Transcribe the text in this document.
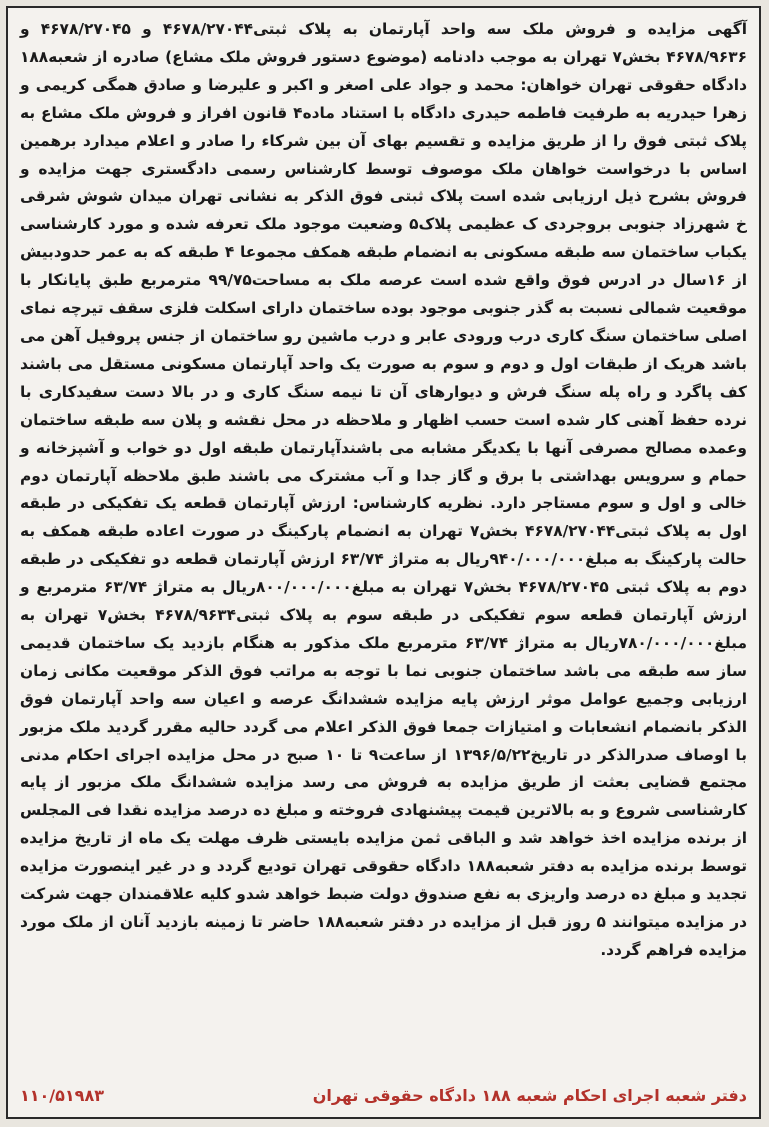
آگهی مزایده و فروش ملک سه واحد آپارتمان به پلاک ثبتی۴۶۷۸/۲۷۰۴۴ و ۴۶۷۸/۲۷۰۴۵ و ۴۶۷۸/۹۶۳۶ بخش۷ تهران به موجب دادنامه (موضوع دستور فروش ملک مشاع) صادره از شعبه۱۸۸ دادگاه حقوقی تهران خواهان: محمد و جواد علی اصغر و اکبر و علیرضا و صادق همگی کریمی و زهرا حیدریه به طرفیت فاطمه حیدری دادگاه با استناد ماده۴ قانون افراز و فروش ملک مشاع به پلاک ثبتی فوق را از طریق مزایده و تقسیم بهای آن بین شرکاء را صادر و اعلام میدارد برهمین اساس با درخواست خواهان ملک موصوف توسط کارشناس رسمی دادگستری جهت مزایده و فروش بشرح ذیل ارزیابی شده است پلاک ثبتی فوق الذکر به نشانی تهران میدان شوش شرقی خ شهرزاد جنوبی بروجردی ک عظیمی پلاک۵ وضعیت موجود ملک تعرفه شده و مورد کارشناسی یکباب ساختمان سه طبقه مسکونی به انضمام طبقه همکف مجموعا ۴ طبقه که به عمر حدودبیش از ۱۶سال در ادرس فوق واقع شده است عرصه ملک به مساحت۹۹/۷۵ مترمربع طبق پایانکار با موقعیت شمالی نسبت به گذر جنوبی موجود بوده ساختمان دارای اسکلت فلزی سقف تیرچه نمای اصلی ساختمان سنگ کاری درب ورودی عابر و درب ماشین رو ساختمان از جنس پروفیل آهن می باشد هریک از طبقات اول و دوم و سوم به صورت یک واحد آپارتمان مسکونی مستقل می باشند کف پاگرد و راه پله سنگ فرش و دیوارهای آن تا نیمه سنگ کاری و در بالا دست سفیدکاری با نرده حفظ آهنی کار شده است حسب اظهار و ملاحظه در محل نقشه و پلان سه طبقه ساختمان وعمده مصالح مصرفی آنها با یکدیگر مشابه می باشندآپارتمان طبقه اول دو خواب و آشپزخانه و حمام و سرویس بهداشتی با برق و گاز جدا و آب مشترک می باشند طبق ملاحظه آپارتمان دوم خالی و اول و سوم مستاجر دارد. نظریه کارشناس: ارزش آپارتمان قطعه یک تفکیکی در طبقه اول به پلاک ثبتی۴۶۷۸/۲۷۰۴۴ بخش۷ تهران به انضمام پارکینگ در صورت اعاده طبقه همکف به حالت پارکینگ به مبلغ۹۴۰/۰۰۰/۰۰۰ریال به متراژ ۶۳/۷۴ ارزش آپارتمان قطعه دو تفکیکی در طبقه دوم به پلاک ثبتی ۴۶۷۸/۲۷۰۴۵ بخش۷ تهران به مبلغ۸۰۰/۰۰۰/۰۰۰ریال به متراژ ۶۳/۷۴ مترمربع و ارزش آپارتمان قطعه سوم تفکیکی در طبقه سوم به پلاک ثبتی۴۶۷۸/۹۶۳۴ بخش۷ تهران به مبلغ۷۸۰/۰۰۰/۰۰۰ریال به متراژ ۶۳/۷۴ مترمربع ملک مذکور به هنگام بازدید یک ساختمان قدیمی ساز سه طبقه می باشد ساختمان جنوبی نما با توجه به مراتب فوق الذکر موقعیت مکانی زمان ارزیابی وجمیع عوامل موثر ارزش پایه مزایده ششدانگ عرصه و اعیان سه واحد آپارتمان فوق الذکر بانضمام انشعابات و امتیازات جمعا فوق الذکر اعلام می گردد حالیه مقرر گردید ملک مزبور با اوصاف صدرالذکر در تاریخ۱۳۹۶/۵/۲۲ از ساعت۹ تا ۱۰ صبح در محل مزایده اجرای احکام مدنی مجتمع قضایی بعثت از طریق مزایده به فروش می رسد مزایده ششدانگ ملک مزبور از پایه کارشناسی شروع و به بالاترین قیمت پیشنهادی فروخته و مبلغ ده درصد مزایده نقدا فی المجلس از برنده مزایده اخذ خواهد شد و الباقی ثمن مزایده بایستی ظرف مهلت یک ماه از تاریخ مزایده توسط برنده مزایده به دفتر شعبه۱۸۸ دادگاه حقوقی تهران تودیع گردد و در غیر اینصورت مزایده تجدید و مبلغ ده درصد واریزی به نفع صندوق دولت ضبط خواهد شدو کلیه علاقمندان جهت شرکت در مزایده میتوانند ۵ روز قبل از مزایده در دفتر شعبه۱۸۸ حاضر تا زمینه بازدید آنان از ملک مورد مزایده فراهم گردد.

دفتر شعبه اجرای احکام شعبه ۱۸۸ دادگاه حقوقی تهران
۱۱۰/۵۱۹۸۳
